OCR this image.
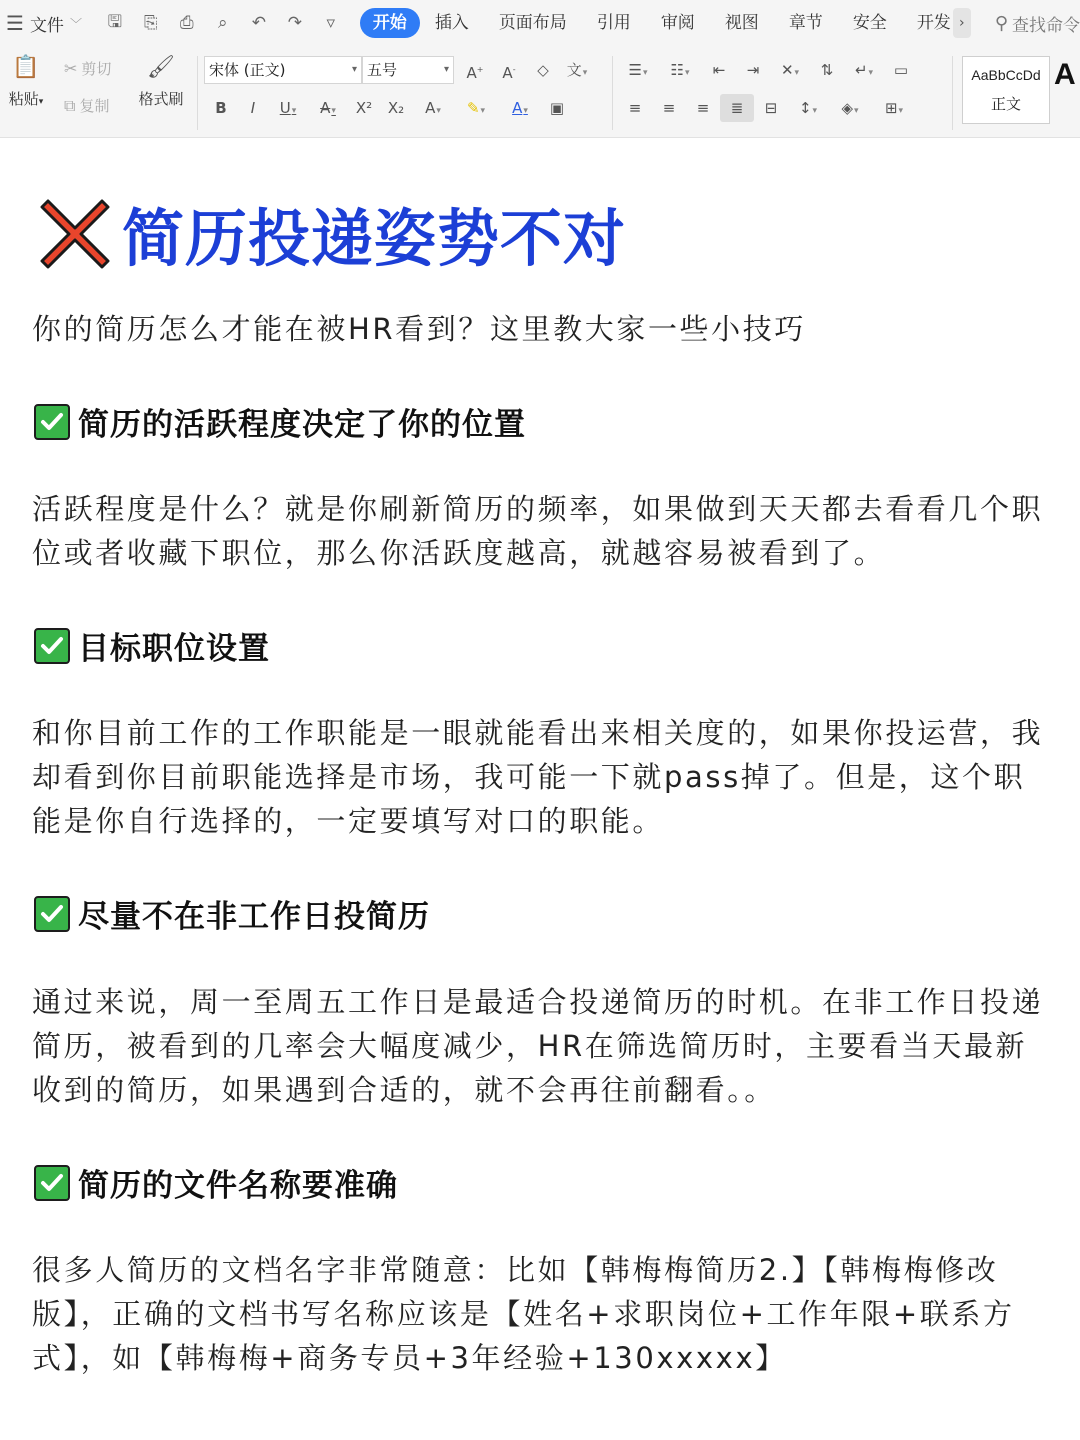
☰ 文件 ﹀ 🖫 ⎘ ⎙	⌕	↶ ↷	▿	开始	插入	页面布局	引用	审阅	视图	章节	安全	开发 ›	⚲ 查找命令
📋
粘贴▾
✂ 剪切
⧉ 复制
🖌
格式刷
宋体 (正文)	▾ 五号	▾	A+	A-	◇	文▾
B	I	U▾	A▾	X²	X₂	A▾	✎▾	A▾	▣
☰▾	☷▾	⇤	⇥	✕▾	⇅	↵▾	▭
≡	≡	≡	≣	⊟	↕▾	◈▾	⊞▾
AaBbCcDd
正文
A
简历投递姿势不对
你的简历怎么才能在被HR看到？这里教大家一些小技巧
简历的活跃程度决定了你的位置
活跃程度是什么？就是你刷新简历的频率，如果做到天天都去看看几个职位或者收藏下职位，那么你活跃度越高，就越容易被看到了。
目标职位设置
和你目前工作的工作职能是一眼就能看出来相关度的，如果你投运营，我却看到你目前职能选择是市场，我可能一下就pass掉了。但是，这个职能是你自行选择的，一定要填写对口的职能。
尽量不在非工作日投简历
通过来说，周一至周五工作日是最适合投递简历的时机。在非工作日投递简历，被看到的几率会大幅度减少，HR在筛选简历时，主要看当天最新收到的简历，如果遇到合适的，就不会再往前翻看。。
简历的文件名称要准确
很多人简历的文档名字非常随意：比如【韩梅梅简历2.】【韩梅梅修改版】，正确的文档书写名称应该是【姓名+求职岗位+工作年限+联系方式】，如【韩梅梅+商务专员+3年经验+130xxxxx】
